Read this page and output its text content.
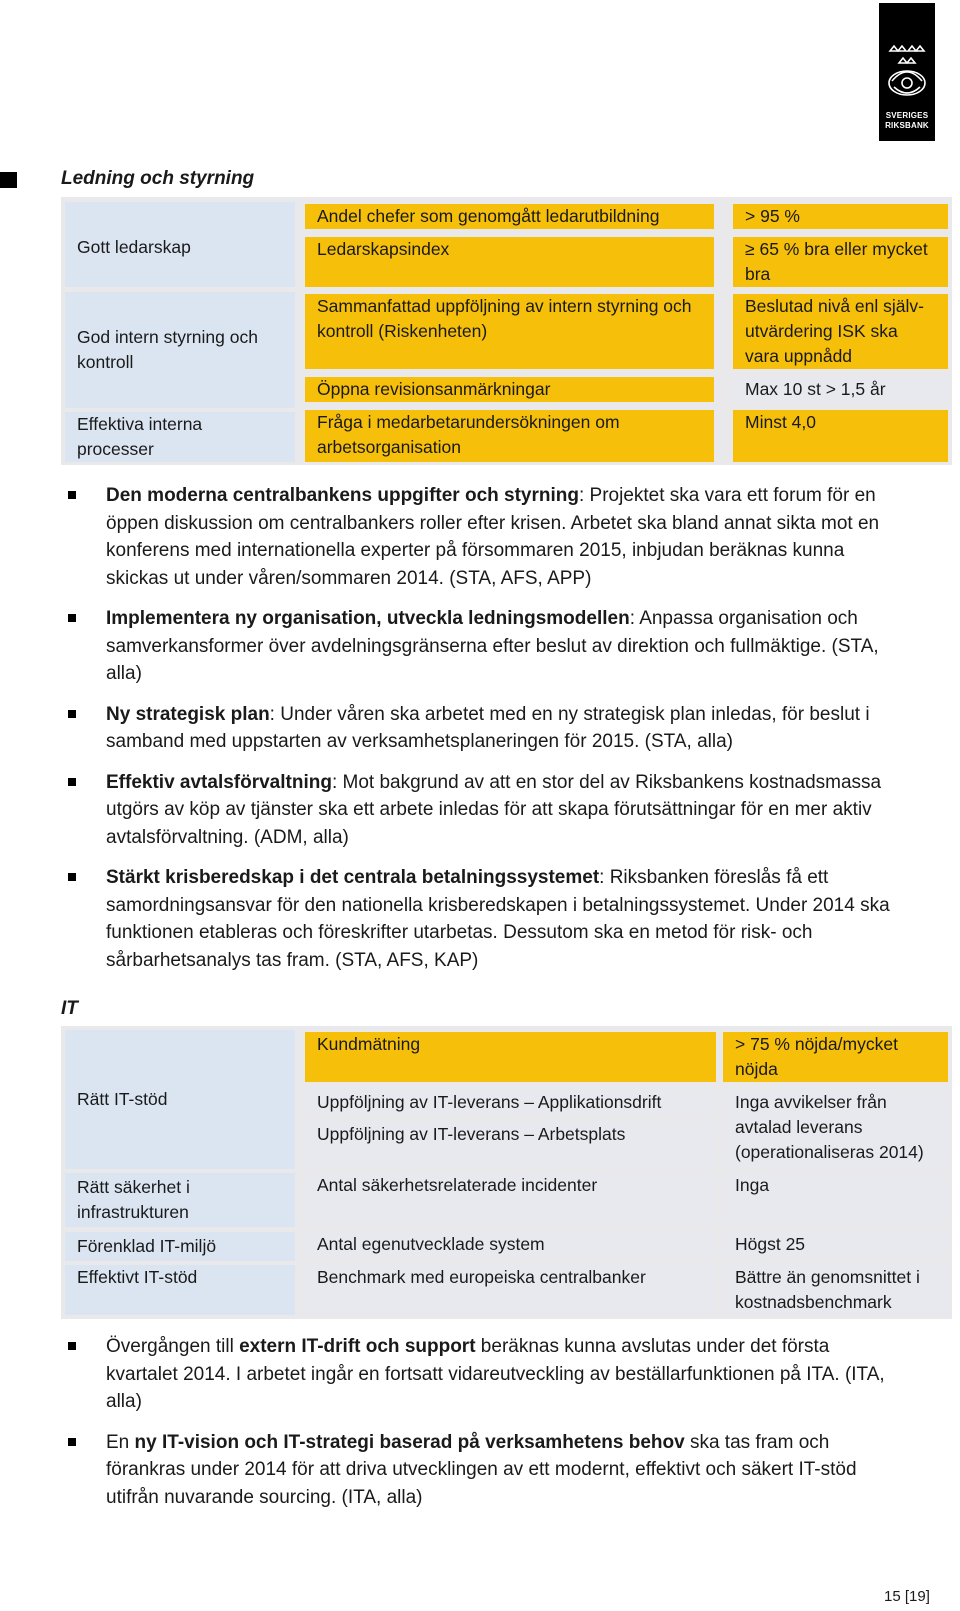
SVERIGES
RIKSBANK
Ledning och styrning
Gott ledarskap
God intern styrning och kontroll
Effektiva interna processer
Andel chefer som genomgått ledarutbildning
Ledarskapsindex
Sammanfattad uppföljning av intern styrning och kontroll (Riskenheten)
Öppna revisionsanmärkningar
Fråga i medarbetarundersökningen om arbetsorganisation
> 95 %
≥ 65 % bra eller mycket bra
Beslutad nivå enl själv-utvärdering ISK ska vara uppnådd
Max 10 st > 1,5 år
Minst 4,0
Den moderna centralbankens uppgifter och styrning: Projektet ska vara ett forum för en öppen diskussion om centralbankers roller efter krisen. Arbetet ska bland annat sikta mot en konferens med internationella experter på försommaren 2015, inbjudan beräknas kunna skickas ut under våren/sommaren 2014. (STA, AFS, APP)
Implementera ny organisation, utveckla ledningsmodellen: Anpassa organisation och samverkansformer över avdelningsgränserna efter beslut av direktion och fullmäktige. (STA, alla)
Ny strategisk plan: Under våren ska arbetet med en ny strategisk plan inledas, för beslut i samband med uppstarten av verksamhetsplaneringen för 2015. (STA, alla)
Effektiv avtalsförvaltning: Mot bakgrund av att en stor del av Riksbankens kostnadsmassa utgörs av köp av tjänster ska ett arbete inledas för att skapa förutsättningar för en mer aktiv avtalsförvaltning. (ADM, alla)
Stärkt krisberedskap i det centrala betalningssystemet: Riksbanken föreslås få ett samordningsansvar för den nationella krisberedskapen i betalningssystemet. Under 2014 ska funktionen etableras och föreskrifter utarbetas. Dessutom ska en metod för risk- och sårbarhetsanalys tas fram. (STA, AFS, KAP)
IT
Rätt IT-stöd
Rätt säkerhet i infrastrukturen
Förenklad IT-miljö
Effektivt IT-stöd
Kundmätning
Uppföljning av IT-leverans – Applikationsdrift
Uppföljning av IT-leverans – Arbetsplats
Antal säkerhetsrelaterade incidenter
Antal egenutvecklade system
Benchmark med europeiska centralbanker
> 75 % nöjda/mycket nöjda
Inga avvikelser från avtalad leverans (operationaliseras 2014)
Inga
Högst 25
Bättre än genomsnittet i kostnadsbenchmark
Övergången till extern IT-drift och support beräknas kunna avslutas under det första kvartalet 2014. I arbetet ingår en fortsatt vidareutveckling av beställarfunktionen på ITA. (ITA, alla)
En ny IT-vision och IT-strategi baserad på verksamhetens behov ska tas fram och förankras under 2014 för att driva utvecklingen av ett modernt, effektivt och säkert IT-stöd utifrån nuvarande sourcing. (ITA, alla)
15 [19]
